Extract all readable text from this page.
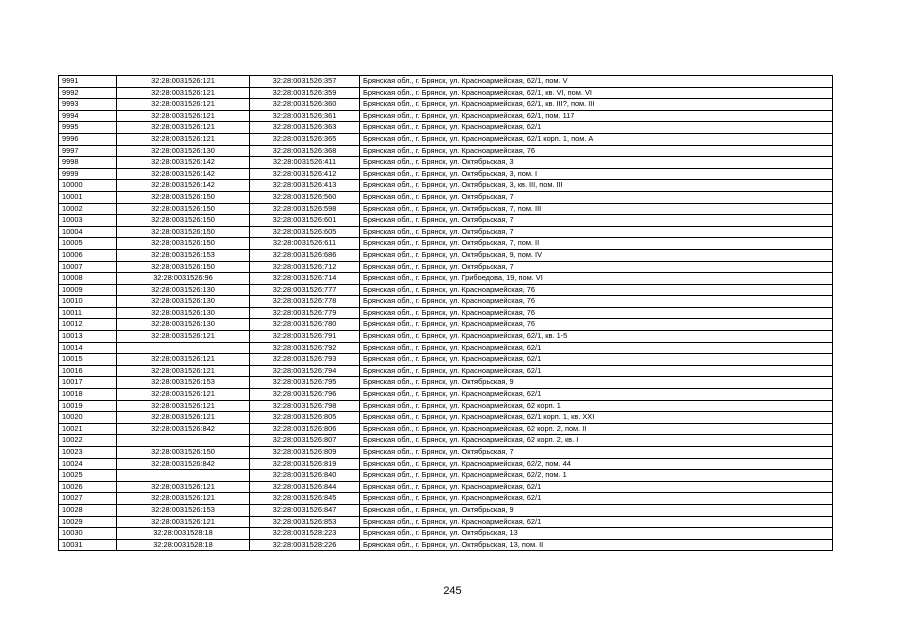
9991	32:28:0031526:121	32:28:0031526:357	Брянская обл., г. Брянск, ул. Красноармейская, 62/1, пом. V
9992	32:28:0031526:121	32:28:0031526:359	Брянская обл., г. Брянск, ул. Красноармейская, 62/1, кв. VI, пом. VI
9993	32:28:0031526:121	32:28:0031526:360	Брянская обл., г. Брянск, ул. Красноармейская, 62/1, кв. III?, пом. III
9994	32:28:0031526:121	32:28:0031526:361	Брянская обл., г. Брянск, ул. Красноармейская, 62/1, пом. 117
9995	32:28:0031526:121	32:28:0031526:363	Брянская обл., г. Брянск, ул. Красноармейская, 62/1
9996	32:28:0031526:121	32:28:0031526:365	Брянская обл., г. Брянск, ул. Красноармейская, 62/1 корп. 1, пом. А
9997	32:28:0031526:130	32:28:0031526:368	Брянская обл., г. Брянск, ул. Красноармейская, 76
9998	32:28:0031526:142	32:28:0031526:411	Брянская обл., г. Брянск, ул. Октябрьская, 3
9999	32:28:0031526:142	32:28:0031526:412	Брянская обл., г. Брянск, ул. Октябрьская, 3, пом. I
10000	32:28:0031526:142	32:28:0031526:413	Брянская обл., г. Брянск, ул. Октябрьская, 3, кв. III, пом. III
10001	32:28:0031526:150	32:28:0031526:560	Брянская обл., г. Брянск, ул. Октябрьская, 7
10002	32:28:0031526:150	32:28:0031526:598	Брянская обл., г. Брянск, ул. Октябрьская, 7, пом. III
10003	32:28:0031526:150	32:28:0031526:601	Брянская обл., г. Брянск, ул. Октябрьская, 7
10004	32:28:0031526:150	32:28:0031526:605	Брянская обл., г. Брянск, ул. Октябрьская, 7
10005	32:28:0031526:150	32:28:0031526:611	Брянская обл., г. Брянск, ул. Октябрьская, 7, пом. II
10006	32:28:0031526:153	32:28:0031526:686	Брянская обл., г. Брянск, ул. Октябрьская, 9, пом. IV
10007	32:28:0031526:150	32:28:0031526:712	Брянская обл., г. Брянск, ул. Октябрьская, 7
10008	32:28:0031526:96	32:28:0031526:714	Брянская обл., г. Брянск, ул. Грибоедова, 19, пом. VI
10009	32:28:0031526:130	32:28:0031526:777	Брянская обл., г. Брянск, ул. Красноармейская, 76
10010	32:28:0031526:130	32:28:0031526:778	Брянская обл., г. Брянск, ул. Красноармейская, 76
10011	32:28:0031526:130	32:28:0031526:779	Брянская обл., г. Брянск, ул. Красноармейская, 76
10012	32:28:0031526:130	32:28:0031526:780	Брянская обл., г. Брянск, ул. Красноармейская, 76
10013	32:28:0031526:121	32:28:0031526:791	Брянская обл., г. Брянск, ул. Красноармейская, 62/1, кв. 1-5
10014		32:28:0031526:792	Брянская обл., г. Брянск, ул. Красноармейская, 62/1
10015	32:28:0031526:121	32:28:0031526:793	Брянская обл., г. Брянск, ул. Красноармейская, 62/1
10016	32:28:0031526:121	32:28:0031526:794	Брянская обл., г. Брянск, ул. Красноармейская, 62/1
10017	32:28:0031526:153	32:28:0031526:795	Брянская обл., г. Брянск, ул. Октябрьская, 9
10018	32:28:0031526:121	32:28:0031526:796	Брянская обл., г. Брянск, ул. Красноармейская, 62/1
10019	32:28:0031526:121	32:28:0031526:798	Брянская обл., г. Брянск, ул. Красноармейская, 62 корп. 1
10020	32:28:0031526:121	32:28:0031526:805	Брянская обл., г. Брянск, ул. Красноармейская, 62/1 корп. 1, кв. XXI
10021	32:28:0031526:842	32:28:0031526:806	Брянская обл., г. Брянск, ул. Красноармейская, 62 корп. 2, пом. II
10022		32:28:0031526:807	Брянская обл., г. Брянск, ул. Красноармейская, 62 корп. 2, кв. I
10023	32:28:0031526:150	32:28:0031526:809	Брянская обл., г. Брянск, ул. Октябрьская, 7
10024	32:28:0031526:842	32:28:0031526:819	Брянская обл., г. Брянск, ул. Красноармейская, 62/2, пом. 44
10025		32:28:0031526:840	Брянская обл., г. Брянск, ул. Красноармейская, 62/2, пом. 1
10026	32:28:0031526:121	32:28:0031526:844	Брянская обл., г. Брянск, ул. Красноармейская, 62/1
10027	32:28:0031526:121	32:28:0031526:845	Брянская обл., г. Брянск, ул. Красноармейская, 62/1
10028	32:28:0031526:153	32:28:0031526:847	Брянская обл., г. Брянск, ул. Октябрьская, 9
10029	32:28:0031526:121	32:28:0031526:853	Брянская обл., г. Брянск, ул. Красноармейская, 62/1
10030	32:28:0031528:18	32:28:0031528:223	Брянская обл., г. Брянск, ул. Октябрьская, 13
10031	32:28:0031528:18	32:28:0031528:226	Брянская обл., г. Брянск, ул. Октябрьская, 13, пом. II
245
